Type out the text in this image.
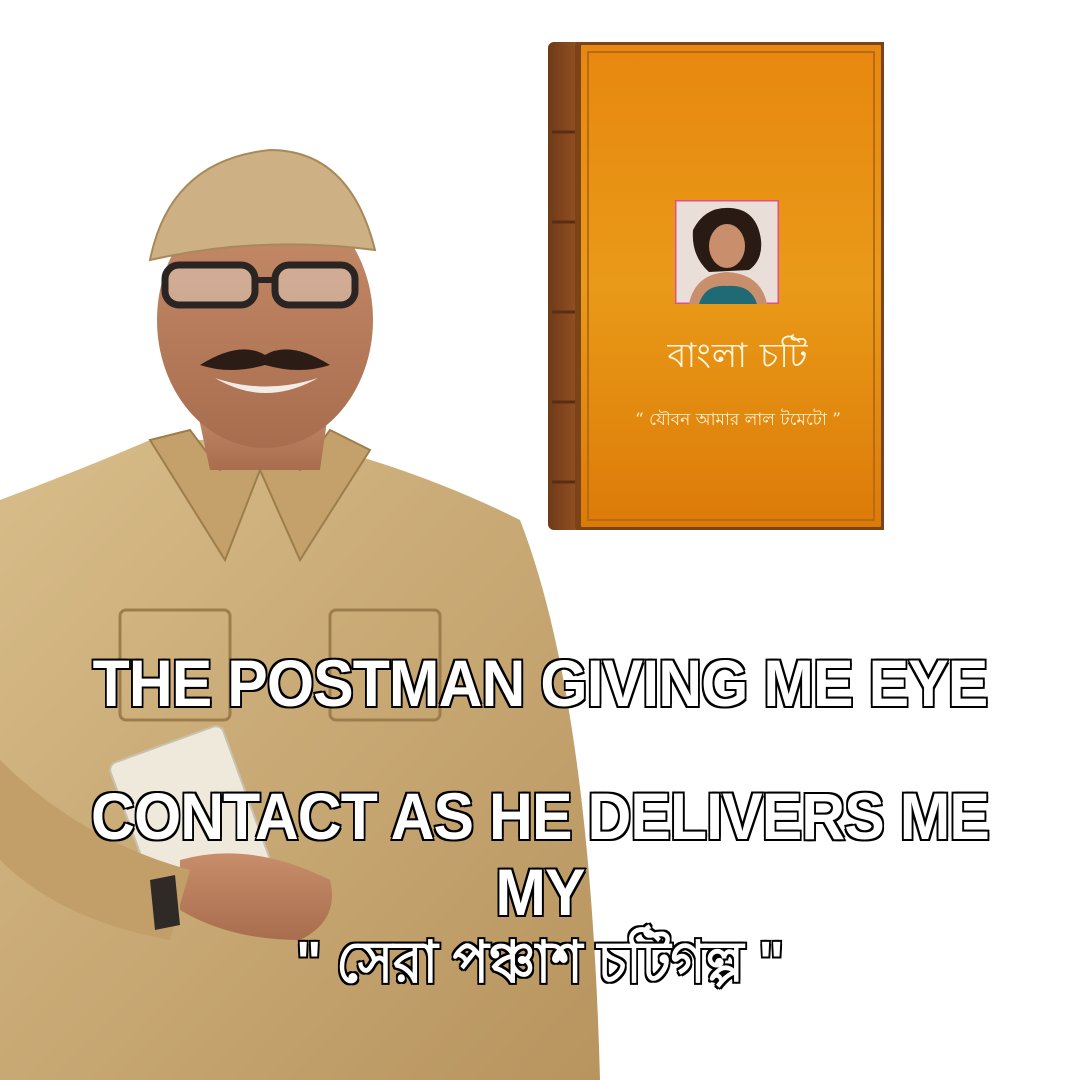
বাংলা চটি
“ যৌবন আমার লাল টমেটো ”
THE POSTMAN GIVING ME EYE
CONTACT AS HE DELIVERS ME MY
" সেরা পঞ্চাশ চটিগল্প "
